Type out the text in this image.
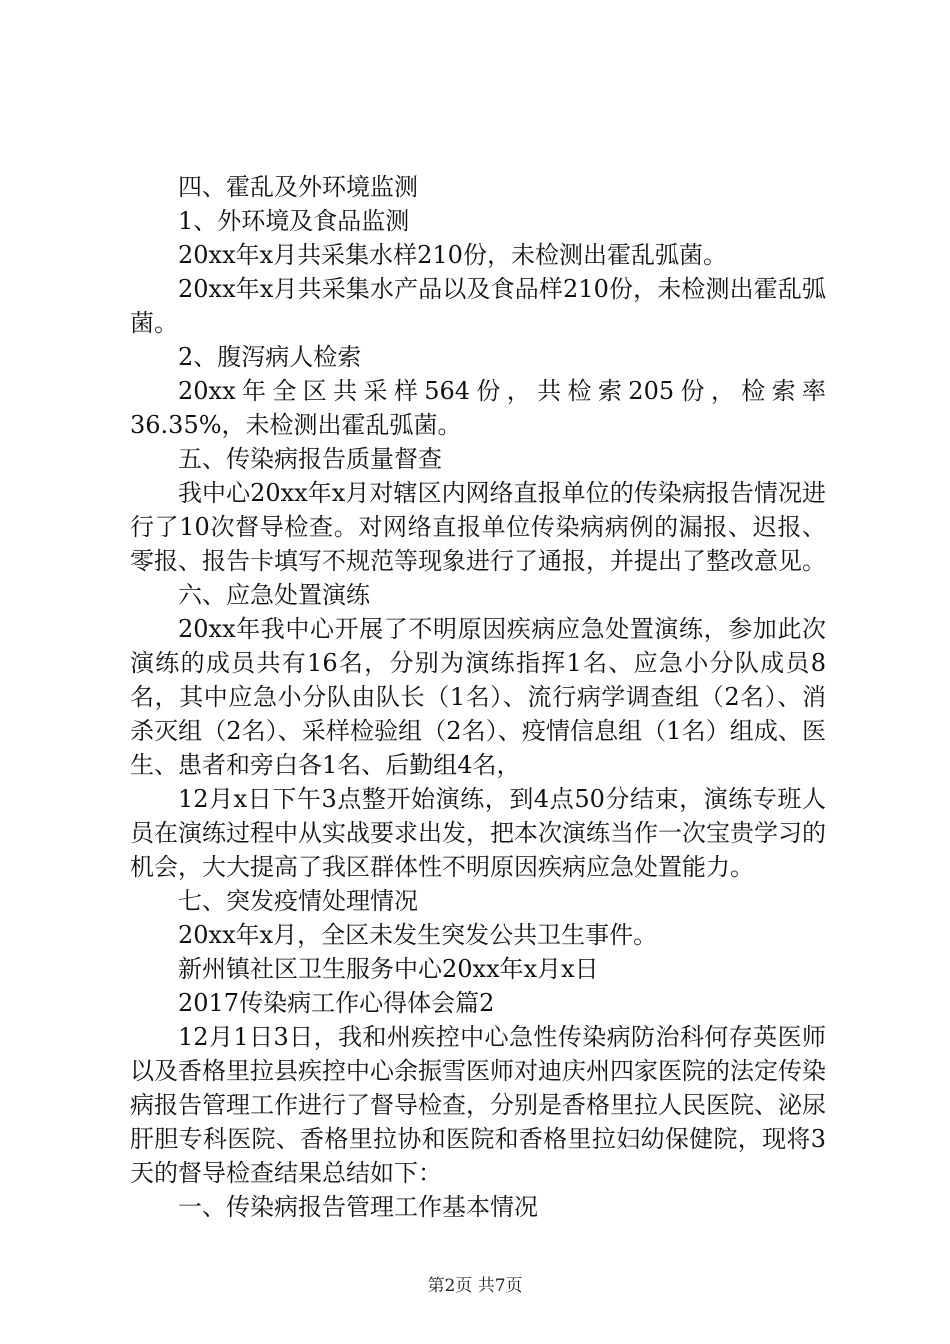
四、霍乱及外环境监测

1、外环境及食品监测

20xx年x月共采集水样210份，未检测出霍乱弧菌。

20xx年x月共采集水产品以及食品样210份，未检测出霍乱弧菌。

2、腹泻病人检索

20xx年全区共采样564份，共检索205份，检索率36.35%，未检测出霍乱弧菌。

五、传染病报告质量督查

我中心20xx年x月对辖区内网络直报单位的传染病报告情况进行了10次督导检查。对网络直报单位传染病病例的漏报、迟报、零报、报告卡填写不规范等现象进行了通报，并提出了整改意见。

六、应急处置演练

20xx年我中心开展了不明原因疾病应急处置演练，参加此次演练的成员共有16名，分别为演练指挥1名、应急小分队成员8名，其中应急小分队由队长（1名）、流行病学调查组（2名）、消杀灭组（2名）、采样检验组（2名）、疫情信息组（1名）组成、医生、患者和旁白各1名、后勤组4名，

12月x日下午3点整开始演练，到4点50分结束，演练专班人员在演练过程中从实战要求出发，把本次演练当作一次宝贵学习的机会，大大提高了我区群体性不明原因疾病应急处置能力。

七、突发疫情处理情况

20xx年x月，全区未发生突发公共卫生事件。

新州镇社区卫生服务中心20xx年x月x日

2017传染病工作心得体会篇2

12月1日3日，我和州疾控中心急性传染病防治科何存英医师以及香格里拉县疾控中心余振雪医师对迪庆州四家医院的法定传染病报告管理工作进行了督导检查，分别是香格里拉人民医院、泌尿肝胆专科医院、香格里拉协和医院和香格里拉妇幼保健院，现将3天的督导检查结果总结如下：

一、传染病报告管理工作基本情况

第2页 共7页
